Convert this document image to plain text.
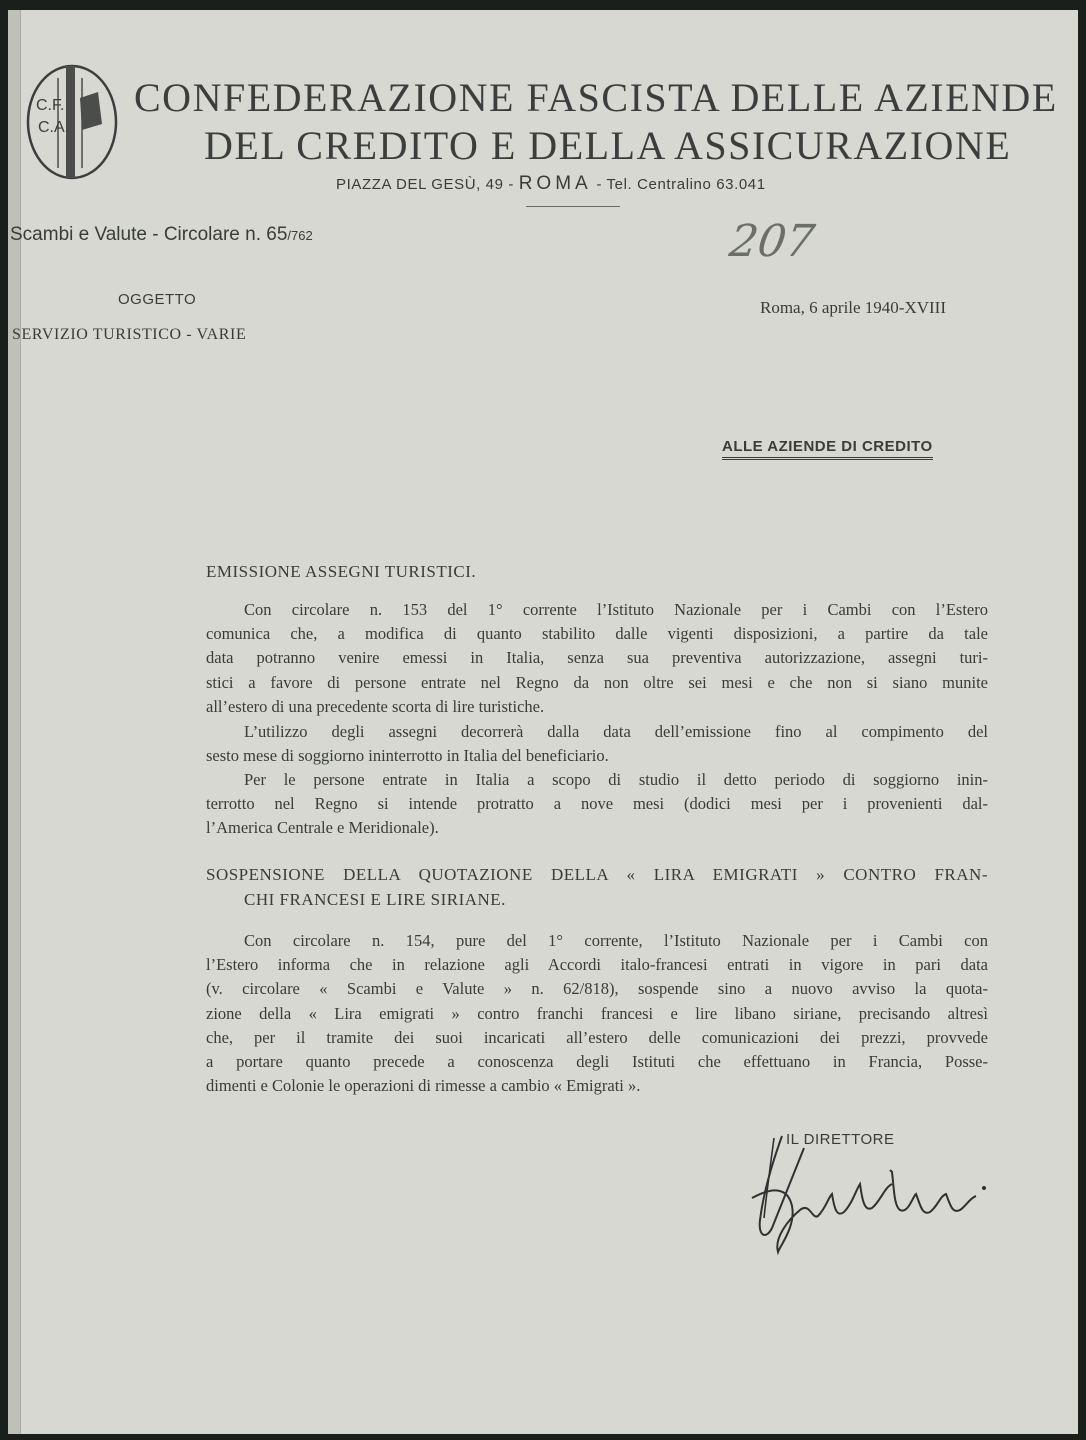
C.F.
C.A.
CONFEDERAZIONE FASCISTA DELLE AZIENDE
DEL CREDITO E DELLA ASSICURAZIONE
PIAZZA DEL GESÙ, 49 - ROMA - Tel. Centralino 63.041
Scambi e Valute - Circolare n. 65/762	207
OGGETTO	Roma, 6 aprile 1940-XVIII
SERVIZIO TURISTICO - VARIE
ALLE AZIENDE DI CREDITO
EMISSIONE ASSEGNI TURISTICI.
Con circolare n. 153 del 1° corrente l’Istituto Nazionale per i Cambi con l’Estero
comunica che, a modifica di quanto stabilito dalle vigenti disposizioni, a partire da tale
data potranno venire emessi in Italia, senza sua preventiva autorizzazione, assegni turi-
stici a favore di persone entrate nel Regno da non oltre sei mesi e che non si siano munite
all’estero di una precedente scorta di lire turistiche.
L’utilizzo degli assegni decorrerà dalla data dell’emissione fino al compimento del
sesto mese di soggiorno ininterrotto in Italia del beneficiario.
Per le persone entrate in Italia a scopo di studio il detto periodo di soggiorno inin-
terrotto nel Regno si intende protratto a nove mesi (dodici mesi per i provenienti dal-
l’America Centrale e Meridionale).
SOSPENSIONE DELLA QUOTAZIONE DELLA « LIRA EMIGRATI » CONTRO FRAN-
CHI FRANCESI E LIRE SIRIANE.
Con circolare n. 154, pure del 1° corrente, l’Istituto Nazionale per i Cambi con
l’Estero informa che in relazione agli Accordi italo-francesi entrati in vigore in pari data
(v. circolare « Scambi e Valute » n. 62/818), sospende sino a nuovo avviso la quota-
zione della « Lira emigrati » contro franchi francesi e lire libano siriane, precisando altresì
che, per il tramite dei suoi incaricati all’estero delle comunicazioni dei prezzi, provvede
a portare quanto precede a conoscenza degli Istituti che effettuano in Francia, Posse-
dimenti e Colonie le operazioni di rimesse a cambio « Emigrati ».
IL DIRETTORE
